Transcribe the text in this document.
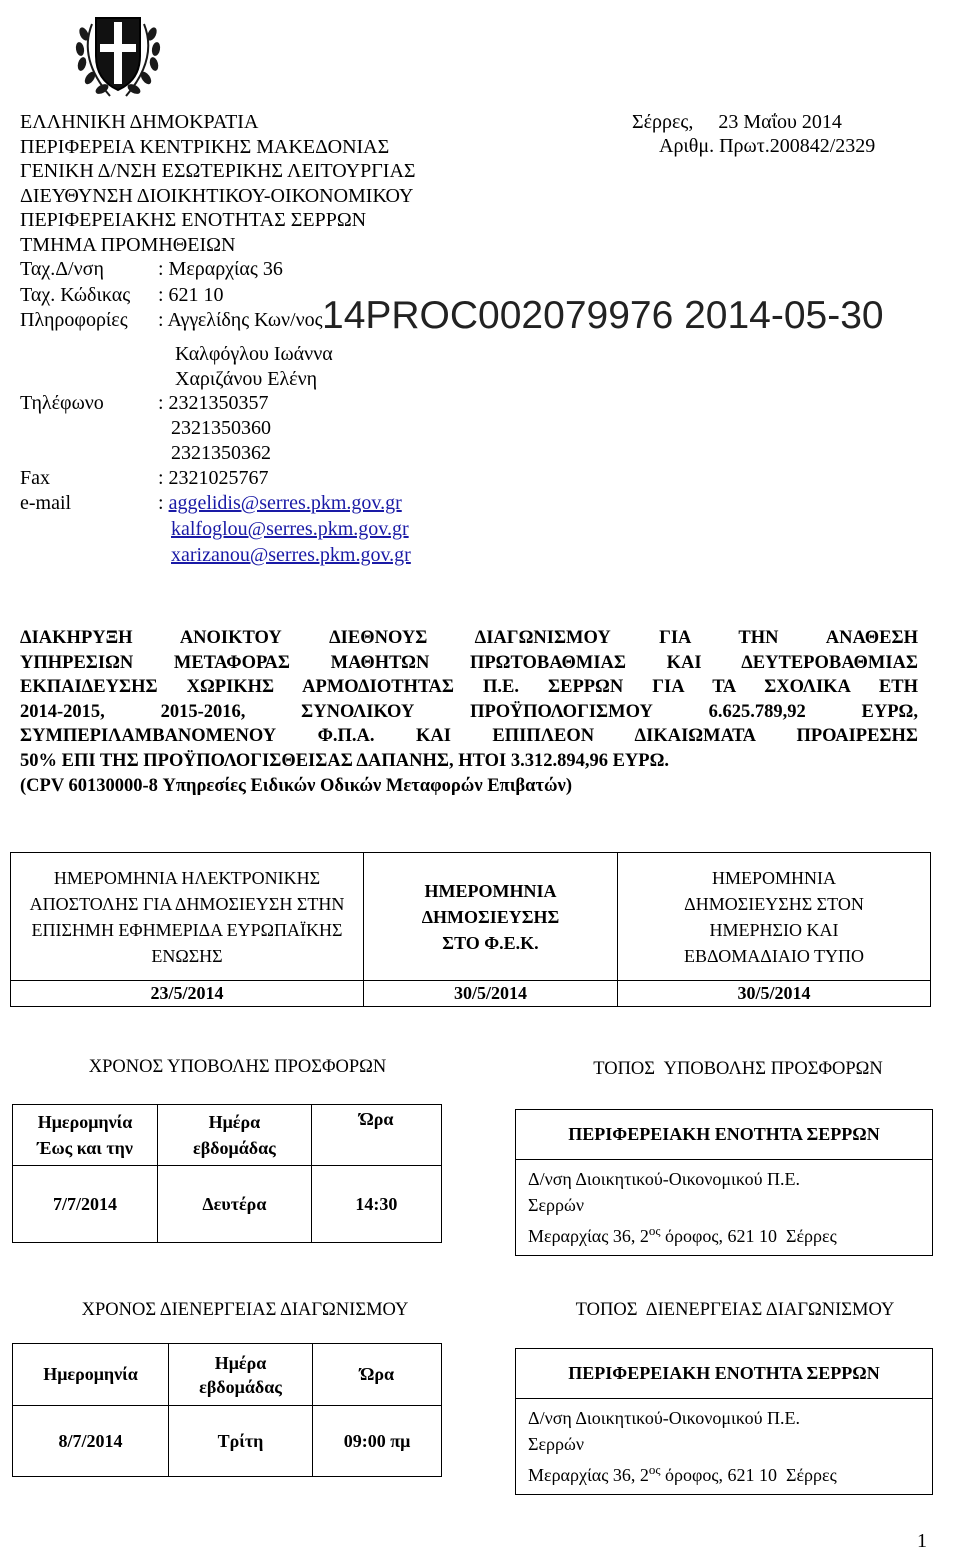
ΕΛΛΗΝΙΚΗ ΔΗΜΟΚΡΑΤΙΑ
ΠΕΡΙΦΕΡΕΙΑ ΚΕΝΤΡΙΚΗΣ ΜΑΚΕΔΟΝΙΑΣ
ΓΕΝΙΚΗ Δ/ΝΣΗ ΕΣΩΤΕΡΙΚΗΣ ΛΕΙΤΟΥΡΓΙΑΣ
ΔΙΕΥΘΥΝΣΗ ΔΙΟΙΚΗΤΙΚΟΥ-ΟΙΚΟΝΟΜΙΚΟΥ
ΠΕΡΙΦΕΡΕΙΑΚΗΣ ΕΝΟΤΗΤΑΣ ΣΕΡΡΩΝ
ΤΜΗΜΑ ΠΡΟΜΗΘΕΙΩΝ
Σέρρες,     23 Μαΐου 2014
Αριθμ. Πρωτ.200842/2329
Ταχ.Δ/νση	: Μεραρχίας 36
Ταχ. Κώδικας : 621 10
Πληροφορίες : Αγγελίδης Κων/νος
Καλφόγλου Ιωάννα
Χαριζάνου Ελένη
14PROC002079976 2014-05-30
Τηλέφωνο	: 2321350357
2321350360
2321350362
Fax	: 2321025767
e-mail	: aggelidis@serres.pkm.gov.gr
kalfoglou@serres.pkm.gov.gr
xarizanou@serres.pkm.gov.gr
ΔΙΑΚΗΡΥΞΗ ΑΝΟΙΚΤΟΥ ΔΙΕΘΝΟΥΣ ΔΙΑΓΩΝΙΣΜΟΥ ΓΙΑ ΤΗΝ ΑΝΑΘΕΣΗ
ΥΠΗΡΕΣΙΩΝ ΜΕΤΑΦΟΡΑΣ ΜΑΘΗΤΩΝ ΠΡΩΤΟΒΑΘΜΙΑΣ ΚΑΙ ΔΕΥΤΕΡΟΒΑΘΜΙΑΣ
ΕΚΠΑΙΔΕΥΣΗΣ ΧΩΡΙΚΗΣ ΑΡΜΟΔΙΟΤΗΤΑΣ Π.Ε. ΣΕΡΡΩΝ ΓΙΑ ΤΑ ΣΧΟΛΙΚΑ ΕΤΗ
2014-2015, 2015-2016, ΣΥΝΟΛΙΚΟΥ ΠΡΟΫΠΟΛΟΓΙΣΜΟΥ 6.625.789,92 ΕΥΡΩ,
ΣΥΜΠΕΡΙΛΑΜΒΑΝΟΜΕΝΟΥ Φ.Π.Α. ΚΑΙ ΕΠΙΠΛΕΟΝ ΔΙΚΑΙΩΜΑΤΑ ΠΡΟΑΙΡΕΣΗΣ
50% ΕΠΙ ΤΗΣ ΠΡΟΫΠΟΛΟΓΙΣΘΕΙΣΑΣ ΔΑΠΑΝΗΣ, ΗΤΟΙ 3.312.894,96 ΕΥΡΩ.
(CPV 60130000-8 Υπηρεσίες Ειδικών Οδικών Μεταφορών Επιβατών)
ΗΜΕΡΟΜΗΝΙΑ ΗΛΕΚΤΡΟΝΙΚΗΣ ΑΠΟΣΤΟΛΗΣ ΓΙΑ ΔΗΜΟΣΙΕΥΣΗ ΣΤΗΝ ΕΠΙΣΗΜΗ ΕΦΗΜΕΡΙΔΑ ΕΥΡΩΠΑΪΚΗΣ ΕΝΩΣΗΣ	ΗΜΕΡΟΜΗΝΙΑ ΔΗΜΟΣΙΕΥΣΗΣ ΣΤΟ Φ.Ε.Κ.	ΗΜΕΡΟΜΗΝΙΑ ΔΗΜΟΣΙΕΥΣΗΣ ΣΤΟΝ ΗΜΕΡΗΣΙΟ ΚΑΙ ΕΒΔΟΜΑΔΙΑΙΟ ΤΥΠΟ

23/5/2014	30/5/2014	30/5/2014
ΧΡΟΝΟΣ ΥΠΟΒΟΛΗΣ ΠΡΟΣΦΟΡΩΝ
Ημερομηνία Έως και την	Ημέρα εβδομάδας	Ώρα
7/7/2014	Δευτέρα	14:30
ΤΟΠΟΣ  ΥΠΟΒΟΛΗΣ ΠΡΟΣΦΟΡΩΝ
ΠΕΡΙΦΕΡΕΙΑΚΗ ΕΝΟΤΗΤΑ ΣΕΡΡΩΝ

Δ/νση Διοικητικού-Οικονομικού Π.Ε.
Σερρών
Μεραρχίας 36, $2^{o\varsigma}$ όροφος, 621 10  Σέρρες
ΧΡΟΝΟΣ ΔΙΕΝΕΡΓΕΙΑΣ ΔΙΑΓΩΝΙΣΜΟΥ
Ημερομηνία	Ημέρα εβδομάδας	Ώρα
8/7/2014	Τρίτη	09:00 πμ
ΤΟΠΟΣ  ΔΙΕΝΕΡΓΕΙΑΣ ΔΙΑΓΩΝΙΣΜΟΥ
ΠΕΡΙΦΕΡΕΙΑΚΗ ΕΝΟΤΗΤΑ ΣΕΡΡΩΝ

Δ/νση Διοικητικού-Οικονομικού Π.Ε.
Σερρών
Μεραρχίας 36, $2^{o\varsigma}$ όροφος, 621 10  Σέρρες
1
